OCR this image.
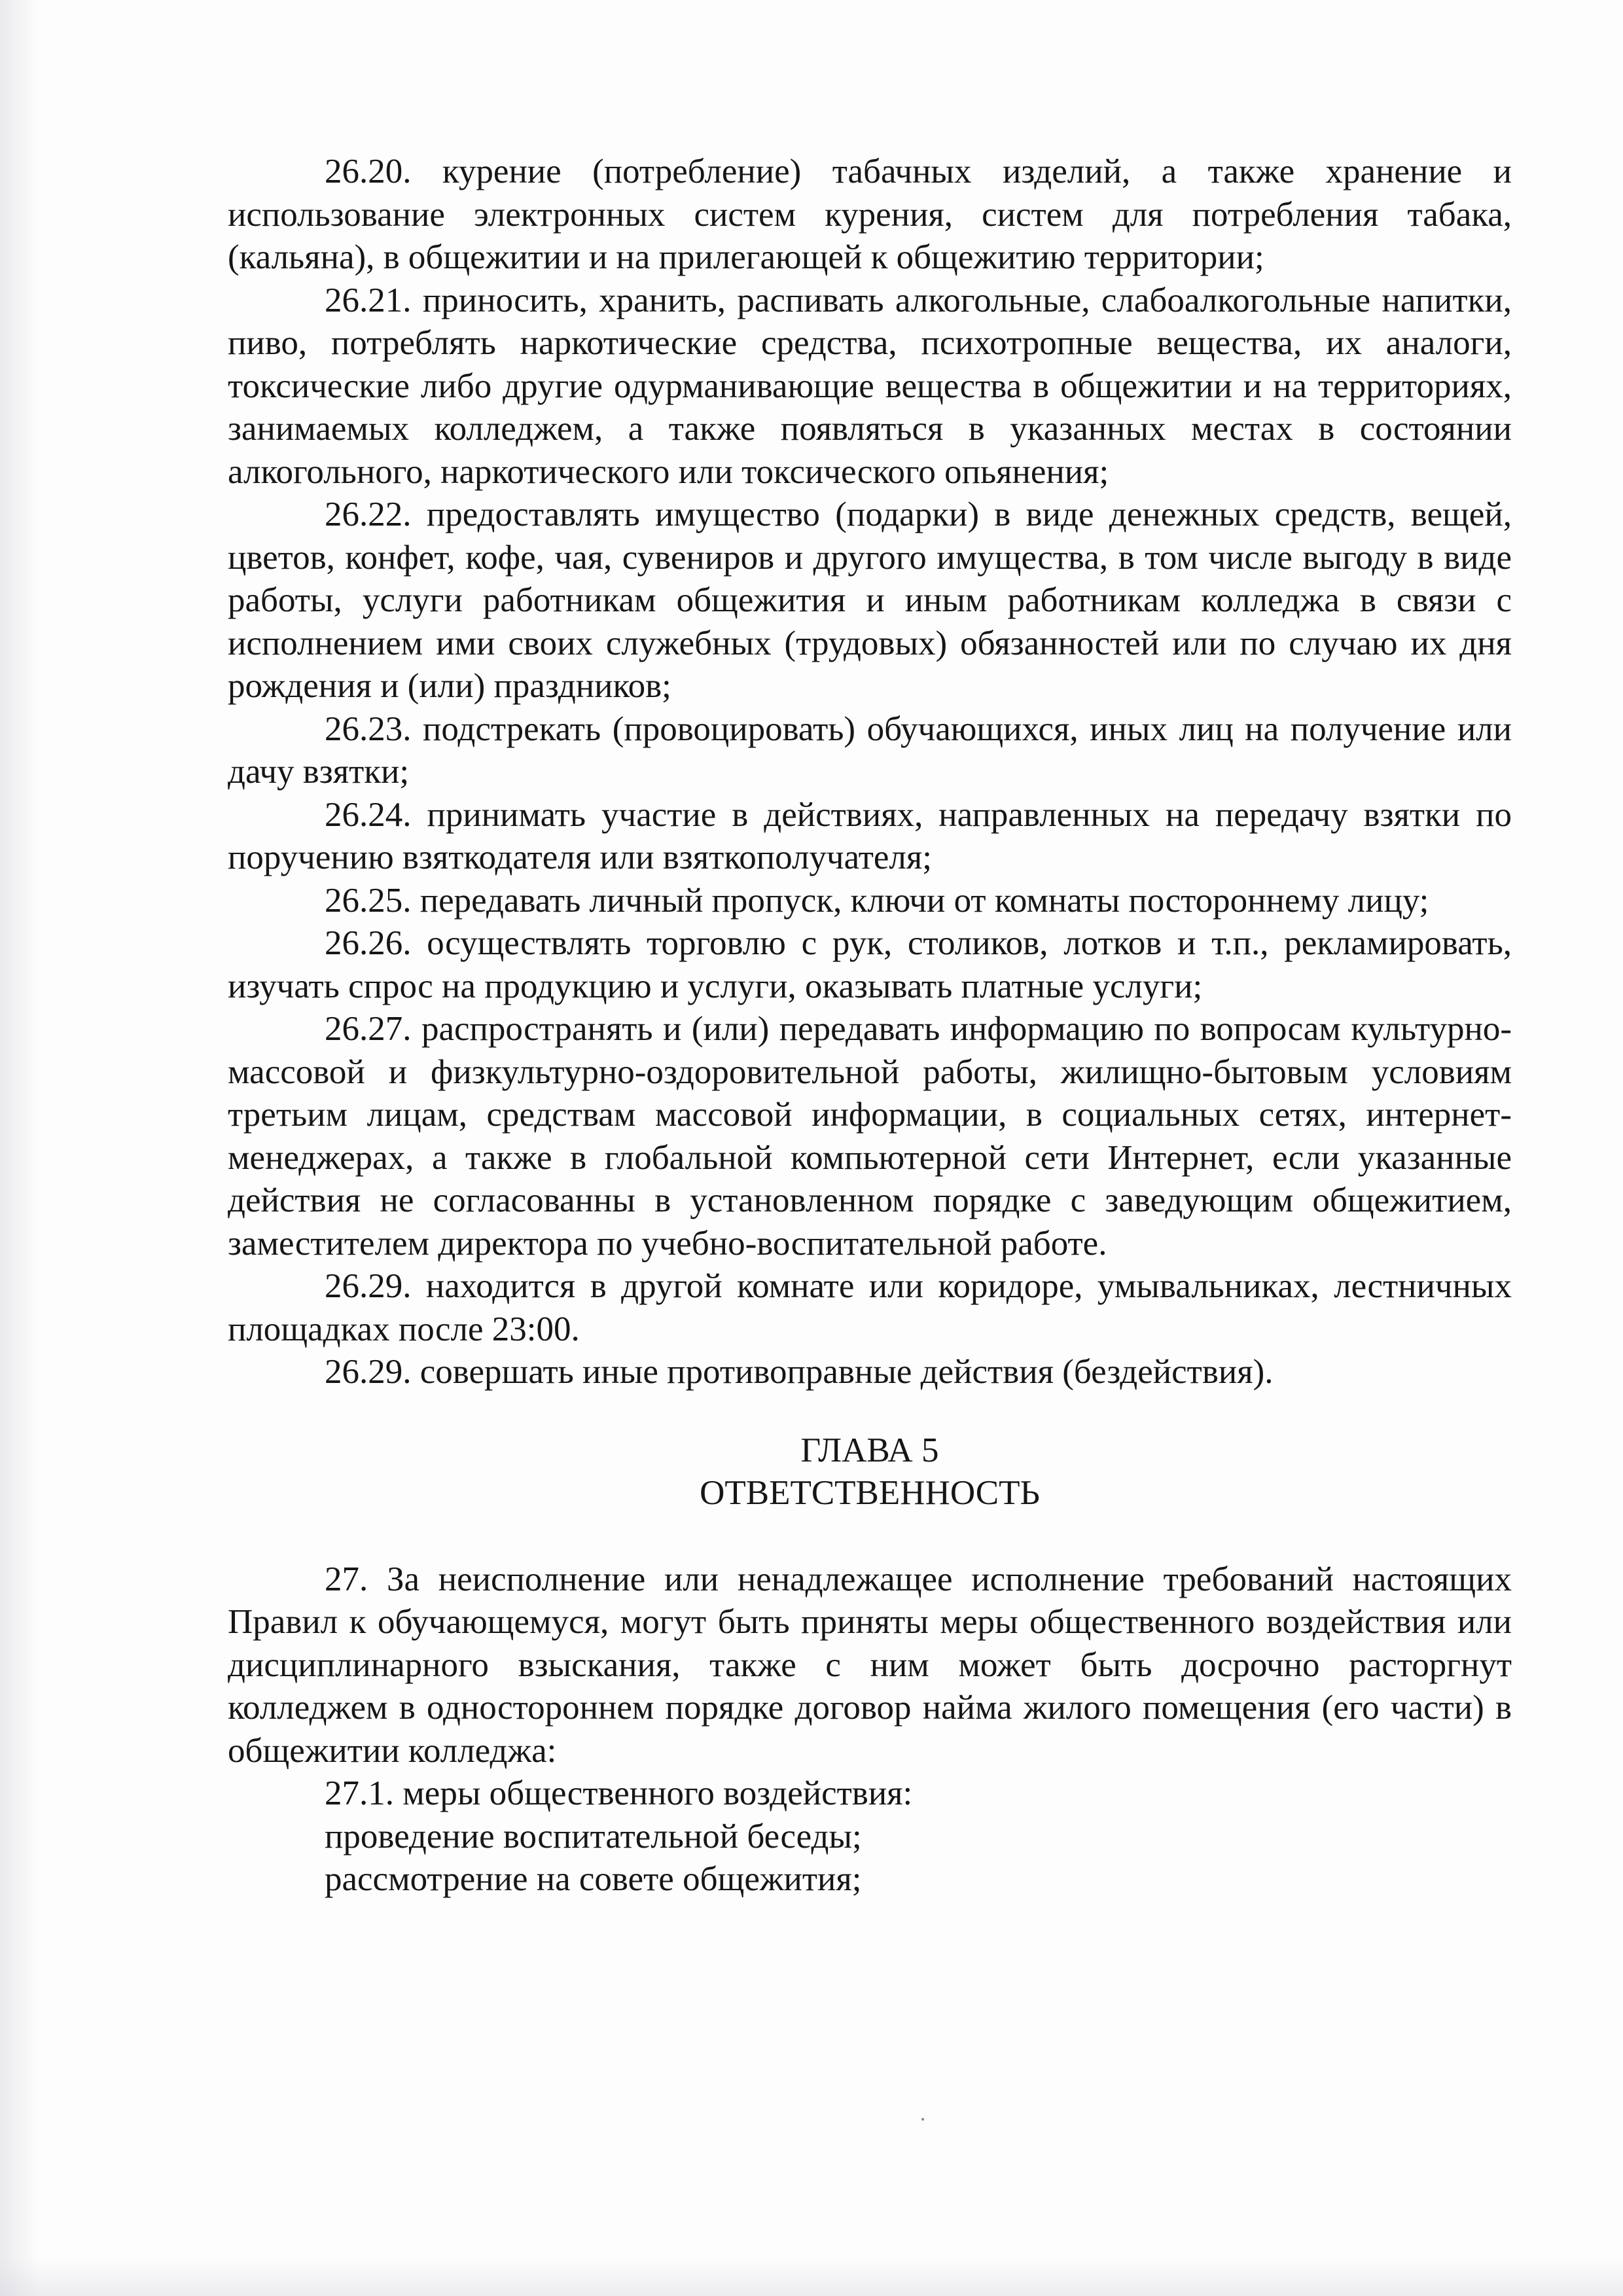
26.20. курение (потребление) табачных изделий, а также хранение и использование электронных систем курения, систем для потребления табака, (кальяна), в общежитии и на прилегающей к общежитию территории;

26.21. приносить, хранить, распивать алкогольные, слабоалкогольные напитки, пиво, потреблять наркотические средства, психотропные вещества, их аналоги, токсические либо другие одурманивающие вещества в общежитии и на территориях, занимаемых колледжем, а также появляться в указанных местах в состоянии алкогольного, наркотического или токсического опьянения;

26.22. предоставлять имущество (подарки) в виде денежных средств, вещей, цветов, конфет, кофе, чая, сувениров и другого имущества, в том числе выгоду в виде работы, услуги работникам общежития и иным работникам колледжа в связи с исполнением ими своих служебных (трудовых) обязанностей или по случаю их дня рождения и (или) праздников;

26.23. подстрекать (провоцировать) обучающихся, иных лиц на получение или дачу взятки;

26.24. принимать участие в действиях, направленных на передачу взятки по поручению взяткодателя или взяткополучателя;

26.25. передавать личный пропуск, ключи от комнаты постороннему лицу;

26.26. осуществлять торговлю с рук, столиков, лотков и т.п., рекламировать, изучать спрос на продукцию и услуги, оказывать платные услуги;

26.27. распространять и (или) передавать информацию по вопросам культурно-массовой и физкультурно-оздоровительной работы, жилищно-бытовым условиям третьим лицам, средствам массовой информации, в социальных сетях, интернет-менеджерах, а также в глобальной компьютерной сети Интернет, если указанные действия не согласованны в установленном порядке с заведующим общежитием, заместителем директора по учебно-воспитательной работе.

26.29. находится в другой комнате или коридоре, умывальниках, лестничных площадках после 23:00.

26.29. совершать иные противоправные действия (бездействия).

ГЛАВА 5
ОТВЕТСТВЕННОСТЬ

27. За неисполнение или ненадлежащее исполнение требований настоящих Правил к обучающемуся, могут быть приняты меры общественного воздействия или дисциплинарного взыскания, также с ним может быть досрочно расторгнут колледжем в одностороннем порядке договор найма жилого помещения (его части) в общежитии колледжа:

27.1. меры общественного воздействия:

проведение воспитательной беседы;

рассмотрение на совете общежития;
